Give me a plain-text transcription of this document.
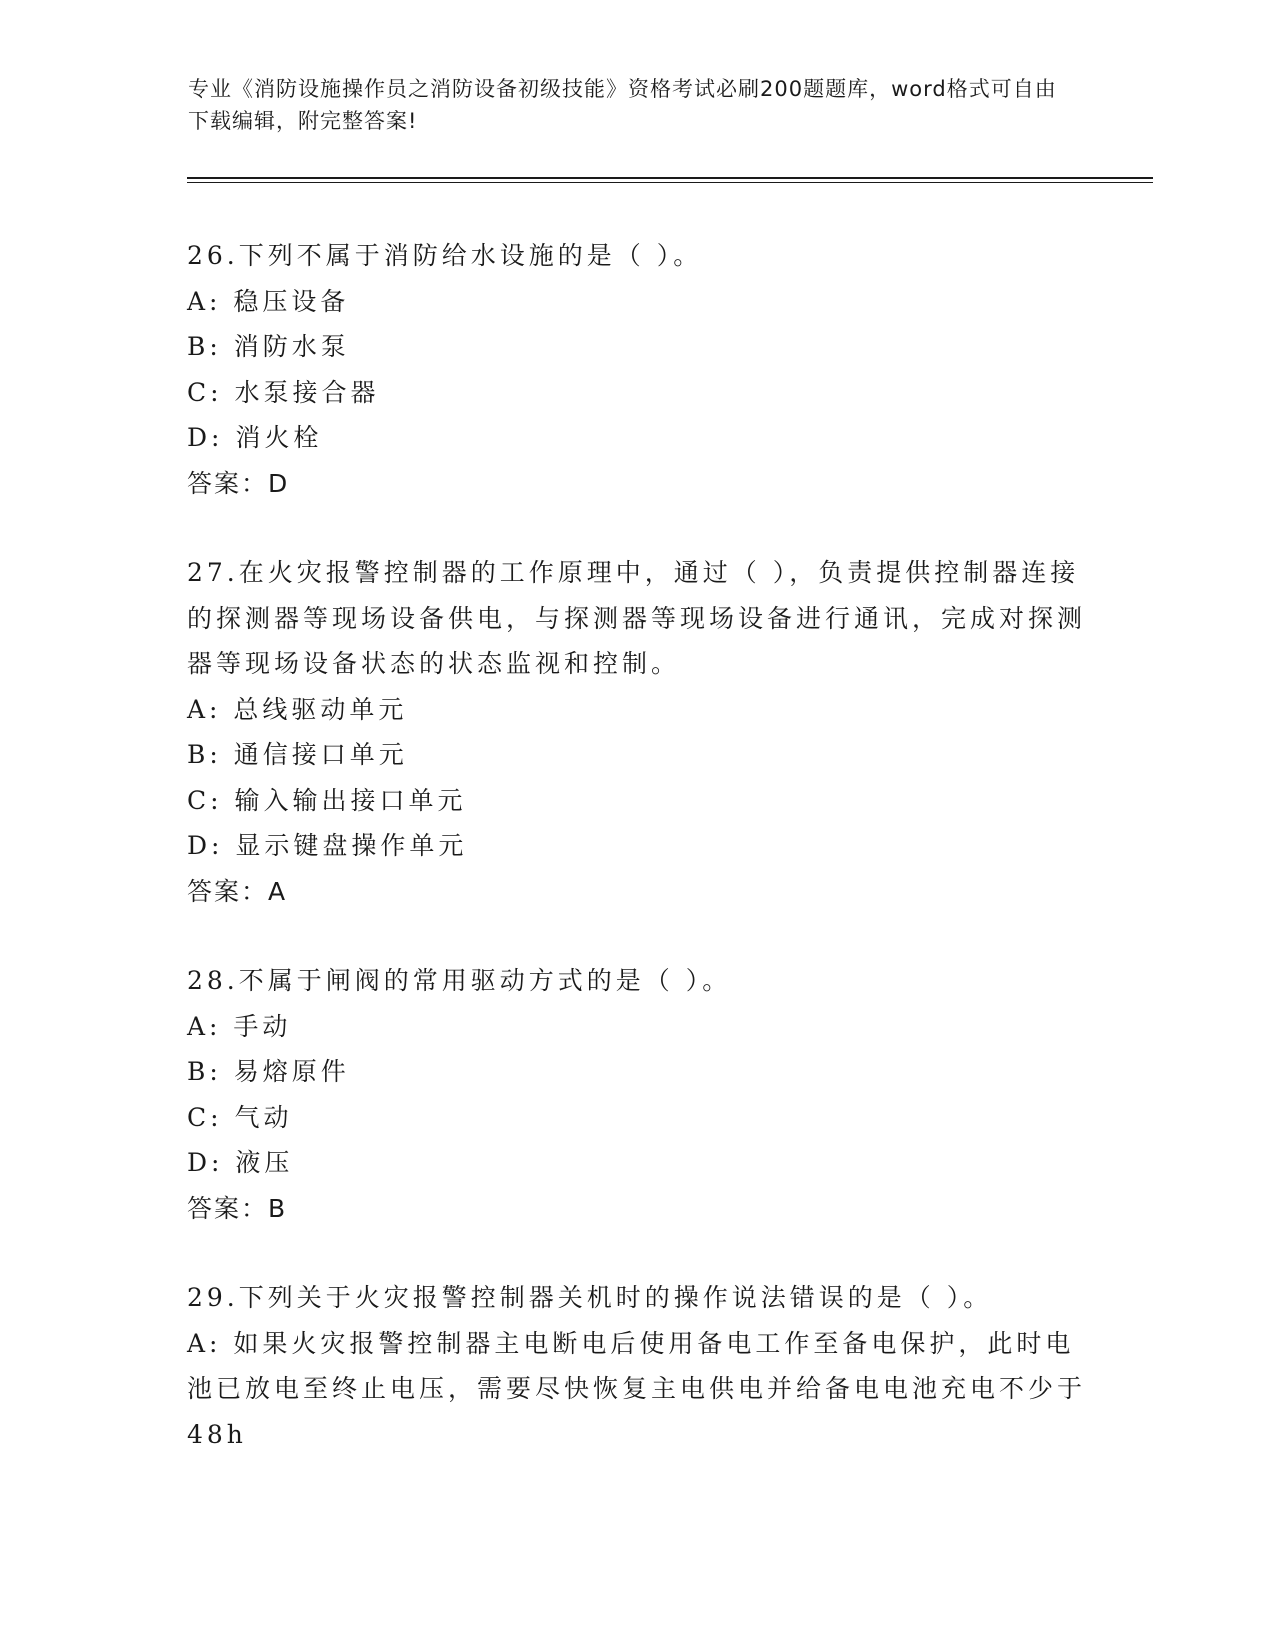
专业《消防设施操作员之消防设备初级技能》资格考试必刷200题题库，word格式可自由下载编辑，附完整答案!

26.下列不属于消防给水设施的是（ ）。

A: 稳压设备

B: 消防水泵

C: 水泵接合器

D: 消火栓

答案：D

27.在火灾报警控制器的工作原理中，通过（ ），负责提供控制器连接的探测器等现场设备供电，与探测器等现场设备进行通讯，完成对探测器等现场设备状态的状态监视和控制。

A: 总线驱动单元

B: 通信接口单元

C: 输入输出接口单元

D: 显示键盘操作单元

答案：A

28.不属于闸阀的常用驱动方式的是（ ）。

A: 手动

B: 易熔原件

C: 气动

D: 液压

答案：B

29.下列关于火灾报警控制器关机时的操作说法错误的是（ ）。

A: 如果火灾报警控制器主电断电后使用备电工作至备电保护，此时电池已放电至终止电压，需要尽快恢复主电供电并给备电电池充电不少于48h
